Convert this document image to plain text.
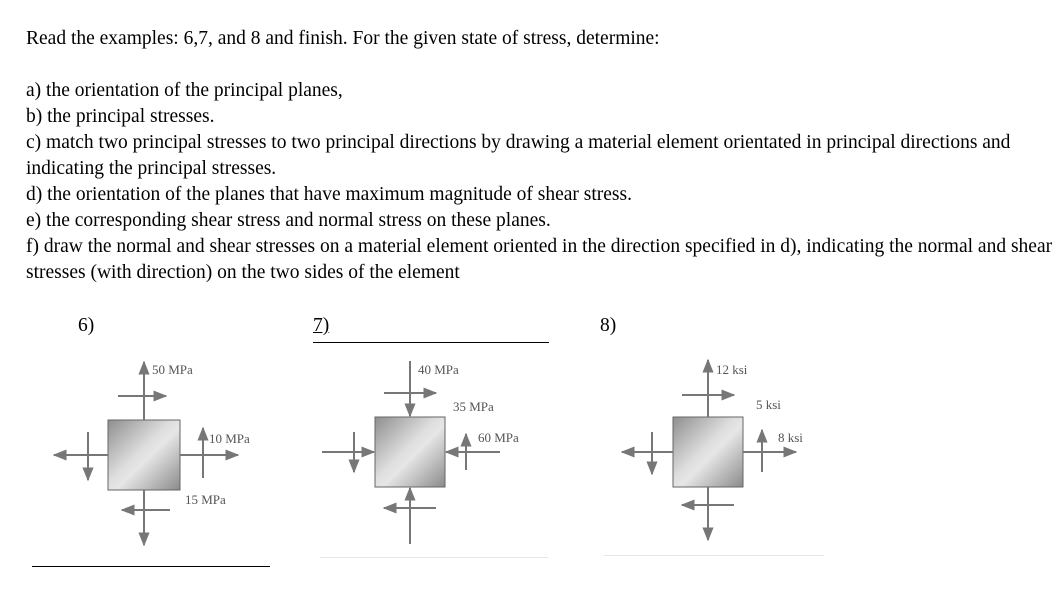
Read the examples: 6,7, and 8 and finish. For the given state of stress, determine:

a) the orientation of the principal planes,

b) the principal stresses.

c) match two principal stresses to two principal directions by drawing a material element orientated in principal directions and indicating the principal stresses.

d) the orientation of the planes that have maximum magnitude of shear stress.

e) the corresponding shear stress and normal stress on these planes.

f) draw the normal and shear stresses on a material element oriented in the direction specified in d), indicating the normal and shear stresses (with direction) on the two sides of the element

6)	7)	8)
50 MPa
10 MPa
15 MPa
40 MPa
35 MPa
60 MPa
12 ksi
5 ksi
8 ksi
